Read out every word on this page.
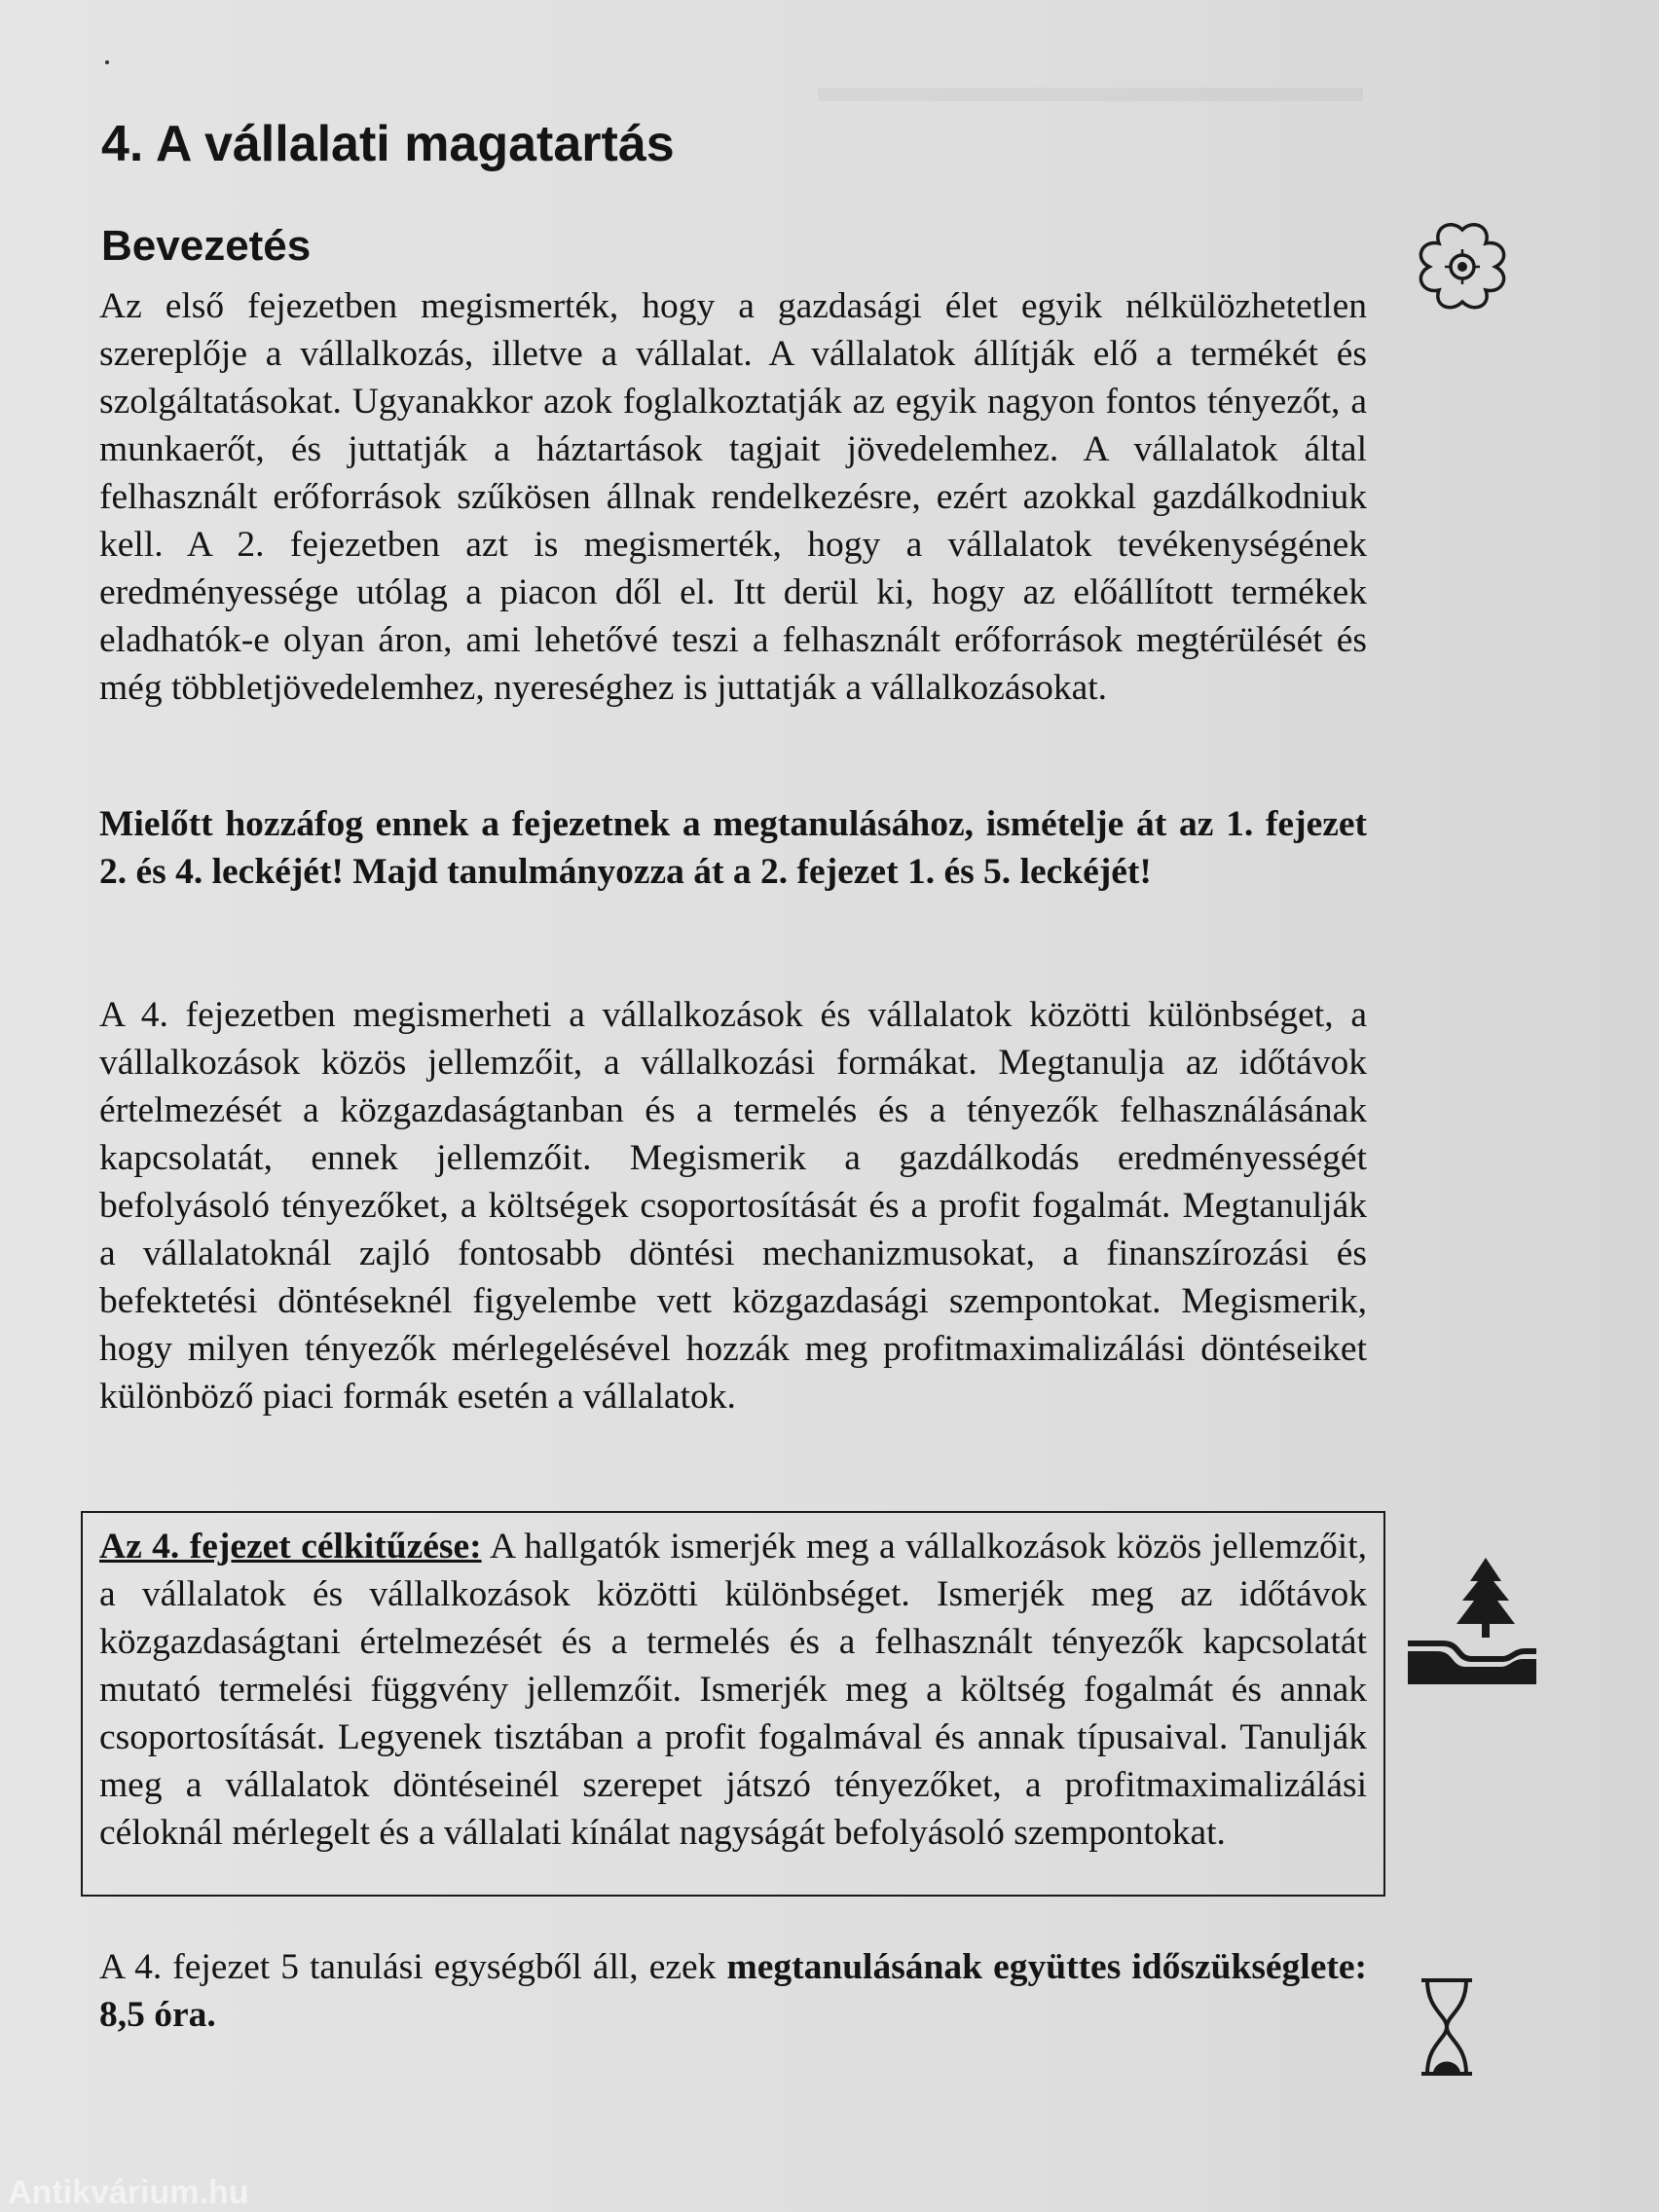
4. A vállalati magatartás
Bevezetés

Az első fejezetben megismerték, hogy a gazdasági élet egyik nélkülözhetetlen szereplője a vállalkozás, illetve a vállalat. A vállalatok állítják elő a termékét és szolgáltatásokat. Ugyanakkor azok foglalkoztatják az egyik nagyon fontos tényezőt, a munkaerőt, és juttatják a háztartások tagjait jövedelemhez. A vállalatok által felhasznált erőforrások szűkösen állnak rendelkezésre, ezért azokkal gazdálkodniuk kell. A 2. fejezetben azt is megismerték, hogy a vállalatok tevékenységének eredményessége utólag a piacon dől el. Itt derül ki, hogy az előállított termékek eladhatók-e olyan áron, ami lehetővé teszi a felhasznált erőforrások megtérülését és még többletjövedelemhez, nyereséghez is juttatják a vállalkozásokat.

Mielőtt hozzáfog ennek a fejezetnek a megtanulásához, ismételje át az 1. fejezet 2. és 4. leckéjét! Majd tanulmányozza át a 2. fejezet 1. és 5. leckéjét!

A 4. fejezetben megismerheti a vállalkozások és vállalatok közötti különbséget, a vállalkozások közös jellemzőit, a vállalkozási formákat. Megtanulja az időtávok értelmezését a közgazdaságtanban és a termelés és a tényezők felhasználásának kapcsolatát, ennek jellemzőit. Megismerik a gazdálkodás eredményességét befolyásoló tényezőket, a költségek csoportosítását és a profit fogalmát. Megtanulják a vállalatoknál zajló fontosabb döntési mechanizmusokat, a finanszírozási és befektetési döntéseknél figyelembe vett közgazdasági szempontokat. Megismerik, hogy milyen tényezők mérlegelésével hozzák meg profitmaximalizálási döntéseiket különböző piaci formák esetén a vállalatok.

Az 4. fejezet célkitűzése: A hallgatók ismerjék meg a vállalkozások közös jellemzőit, a vállalatok és vállalkozások közötti különbséget. Ismerjék meg az időtávok közgazdaságtani értelmezését és a termelés és a felhasznált tényezők kapcsolatát mutató termelési függvény jellemzőit. Ismerjék meg a költség fogalmát és annak csoportosítását. Legyenek tisztában a profit fogalmával és annak típusaival. Tanulják meg a vállalatok döntéseinél szerepet játszó tényezőket, a profitmaximalizálási céloknál mérlegelt és a vállalati kínálat nagyságát befolyásoló szempontokat.

A 4. fejezet 5 tanulási egységből áll, ezek megtanulásának együttes időszükséglete: 8,5 óra.

Antikvárium.hu
